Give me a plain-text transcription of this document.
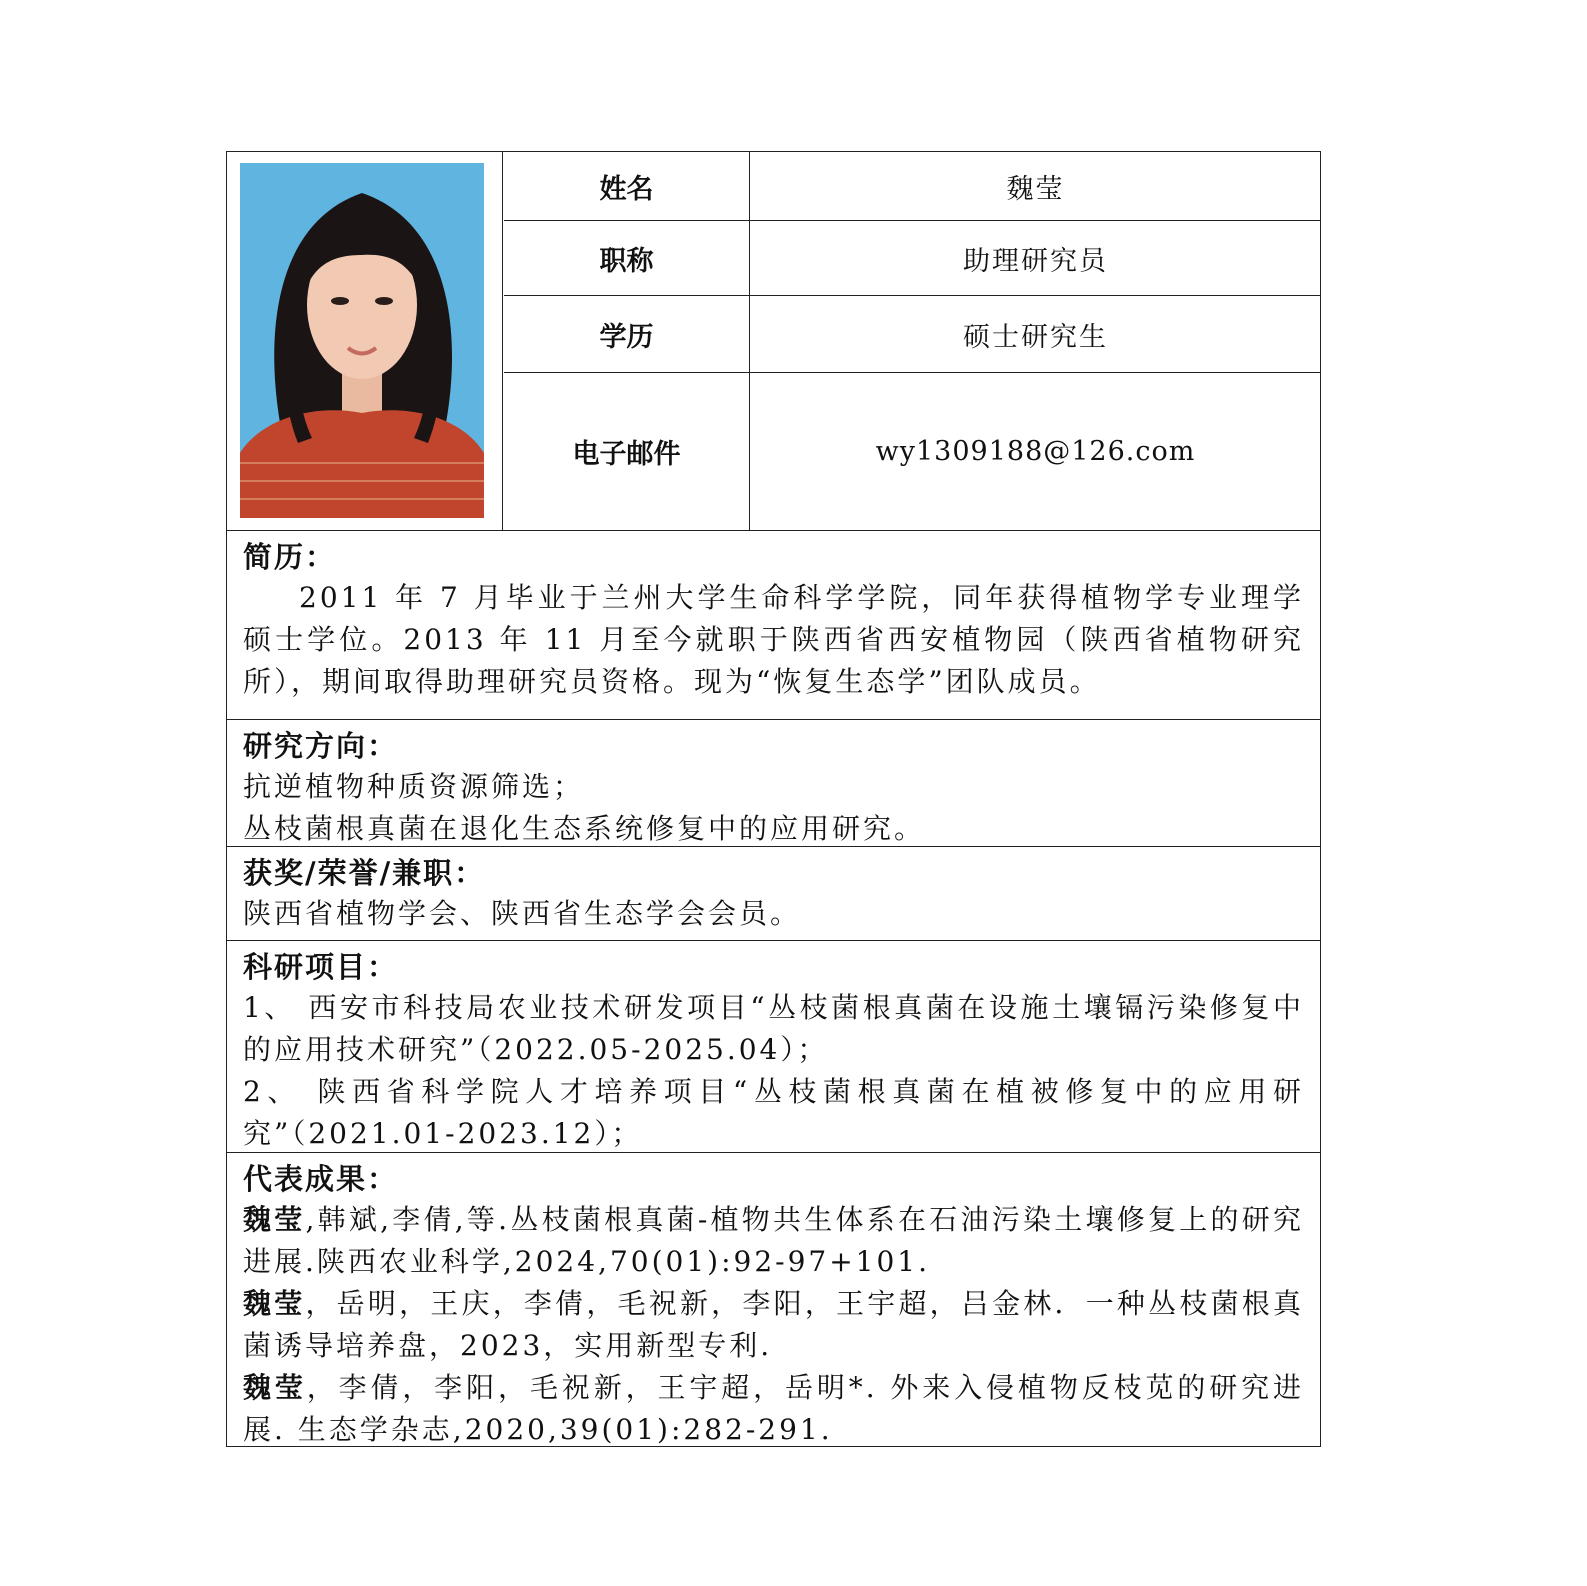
姓名	魏莹
职称	助理研究员
学历	硕士研究生
电子邮件	wy1309188@126.com
简历：

2011 年 7 月毕业于兰州大学生命科学学院，同年获得植物学专业理学硕士学位。2013 年 11 月至今就职于陕西省西安植物园（陕西省植物研究所），期间取得助理研究员资格。现为“恢复生态学”团队成员。

研究方向：

抗逆植物种质资源筛选；

丛枝菌根真菌在退化生态系统修复中的应用研究。

获奖/荣誉/兼职：

陕西省植物学会、陕西省生态学会会员。

科研项目：

1、 西安市科技局农业技术研发项目“丛枝菌根真菌在设施土壤镉污染修复中的应用技术研究”（2022.05-2025.04）；

2、 陕西省科学院人才培养项目“丛枝菌根真菌在植被修复中的应用研究”（2021.01-2023.12）；

代表成果：

魏莹,韩斌,李倩,等.丛枝菌根真菌-植物共生体系在石油污染土壤修复上的研究进展.陕西农业科学,2024,70(01):92-97+101.

魏莹，岳明，王庆，李倩，毛祝新，李阳，王宇超，吕金林．一种丛枝菌根真菌诱导培养盘，2023，实用新型专利.

魏莹，李倩，李阳，毛祝新，王宇超，岳明*. 外来入侵植物反枝苋的研究进展. 生态学杂志,2020,39(01):282-291.
